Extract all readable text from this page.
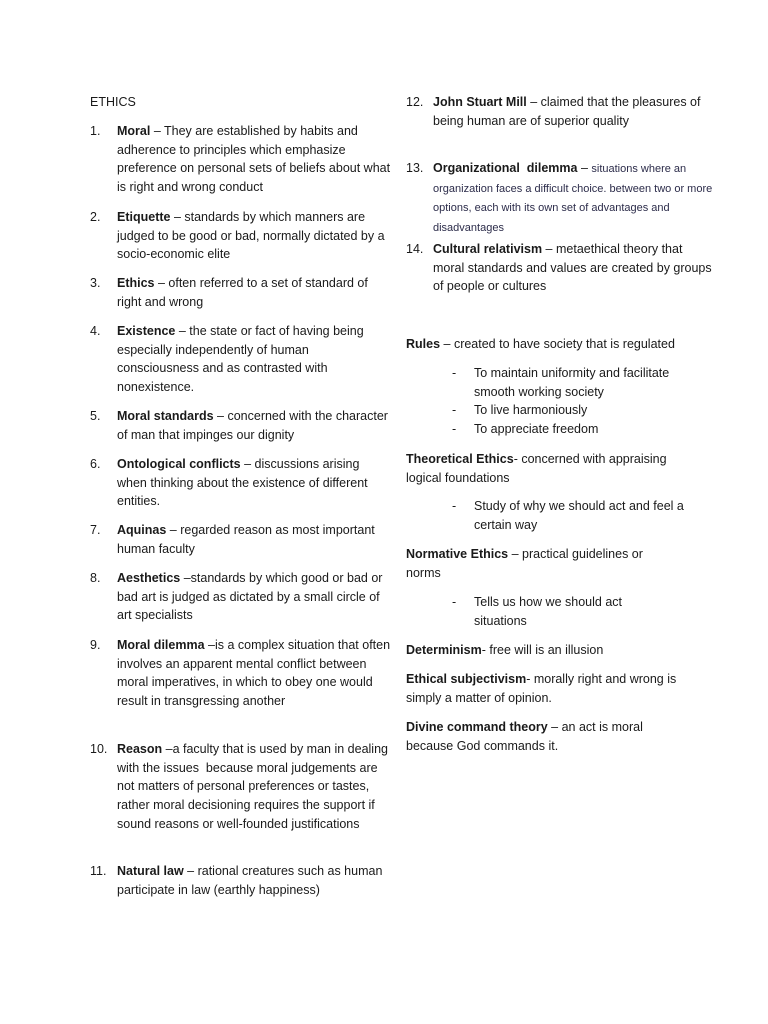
ETHICS
1. Moral – They are established by habits and adherence to principles which emphasize preference on personal sets of beliefs about what is right and wrong conduct
2. Etiquette – standards by which manners are judged to be good or bad, normally dictated by a socio-economic elite
3. Ethics – often referred to a set of standard of    right and wrong
4. Existence – the state or fact of having being especially independently of human consciousness and as contrasted with nonexistence.
5. Moral standards – concerned with the character of man that impinges our dignity
6. Ontological conflicts – discussions arising when thinking about the existence of different entities.
7. Aquinas – regarded reason as most important human faculty
8. Aesthetics –standards by which good or bad or bad art is judged as dictated by a small circle of art specialists
9. Moral dilemma –is a complex situation that often involves an apparent mental conflict between moral imperatives, in which to obey one would result in transgressing another
10. Reason –a faculty that is used by man in dealing with the issues  because moral judgements are not matters of personal preferences or tastes, rather moral decisioning requires the support if sound reasons or well-founded justifications
11. Natural law – rational creatures such as human participate in law (earthly happiness)
12. John Stuart Mill – claimed that the pleasures of being human are of superior quality
13. Organizational  dilemma – situations where an organization faces a difficult choice. between two or more options, each with its own set of advantages and disadvantages
14. Cultural relativism – metaethical theory that moral standards and values are created by groups of people or cultures

Rules – created to have society that is regulated

- To maintain uniformity and facilitate smooth working society
- To live harmoniously
- To appreciate freedom

Theoretical Ethics- concerned with appraising logical foundations

- Study of why we should act and feel a certain way

Normative Ethics – practical guidelines or norms

- Tells us how we should act situations

Determinism- free will is an illusion

Ethical subjectivism- morally right and wrong is simply a matter of opinion.

Divine command theory – an act is moral because God commands it.
